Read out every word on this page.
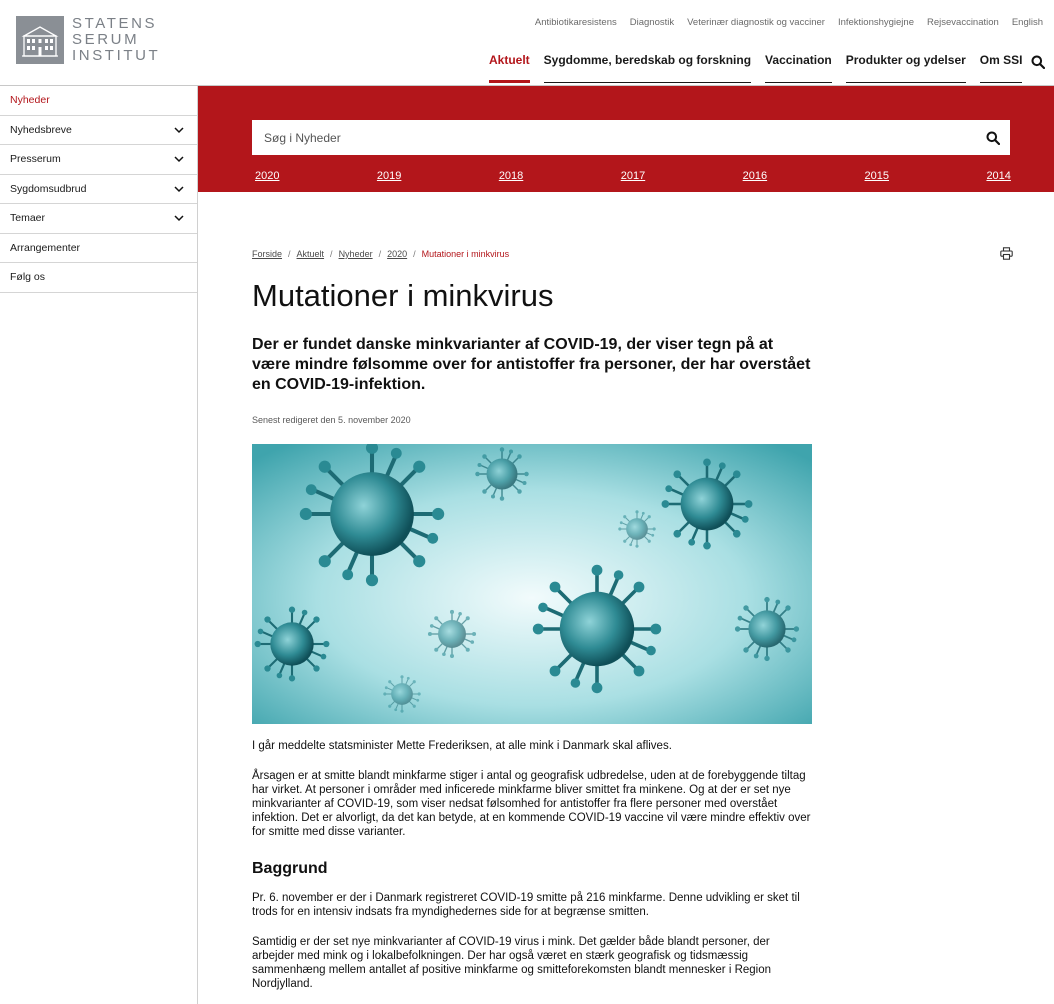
STATENS
SERUM
INSTITUT
Antibiotikaresistens Diagnostik Veterinær diagnostik og vacciner Infektionshygiejne Rejsevaccination English
Aktuelt Sygdomme, beredskab og forskning Vaccination Produkter og ydelser Om SSI
Nyheder
Nyhedsbreve
Presserum
Sygdomsudbrud
Temaer
Arrangementer
Følg os
Søg i Nyheder
2020	2019	2018	2017	2016	2015	2014
Forside / Aktuelt / Nyheder / 2020 / Mutationer i minkvirus
Mutationer i minkvirus

Der er fundet danske minkvarianter af COVID-19, der viser tegn på at være mindre følsomme over for antistoffer fra personer, der har overstået en COVID-19-infektion.

Senest redigeret den 5. november 2020

I går meddelte statsminister Mette Frederiksen, at alle mink i Danmark skal aflives.

Årsagen er at smitte blandt minkfarme stiger i antal og geografisk udbredelse, uden at de forebyggende tiltag har virket. At personer i områder med inficerede minkfarme bliver smittet fra minkene. Og at der er set nye minkvarianter af COVID-19, som viser nedsat følsomhed for antistoffer fra flere personer med overstået infektion. Det er alvorligt, da det kan betyde, at en kommende COVID-19 vaccine vil være mindre effektiv over for smitte med disse varianter.

Baggrund

Pr. 6. november er der i Danmark registreret COVID-19 smitte på 216 minkfarme. Denne udvikling er sket til trods for en intensiv indsats fra myndighedernes side for at begrænse smitten.

Samtidig er der set nye minkvarianter af COVID-19 virus i mink. Det gælder både blandt personer, der arbejder med mink og i lokalbefolkningen. Der har også været en stærk geografisk og tidsmæssig sammenhæng mellem antallet af positive minkfarme og smitteforekomsten blandt mennesker i Region Nordjylland.
